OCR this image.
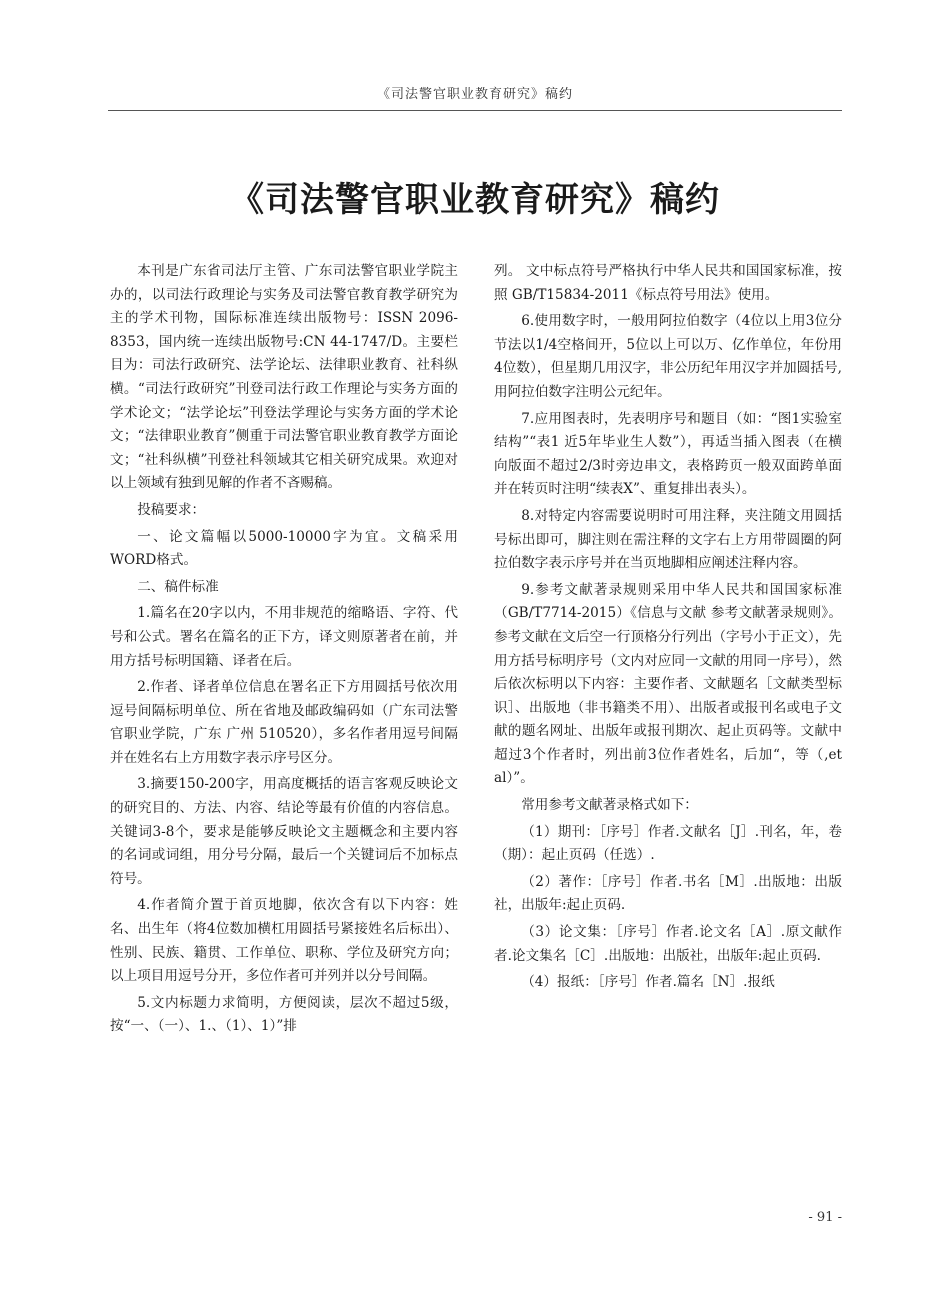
《司法警官职业教育研究》稿约
《司法警官职业教育研究》稿约

本刊是广东省司法厅主管、广东司法警官职业学院主办的，以司法行政理论与实务及司法警官教育教学研究为主的学术刊物，国际标准连续出版物号：ISSN 2096-8353，国内统一连续出版物号:CN 44-1747/D。主要栏目为：司法行政研究、法学论坛、法律职业教育、社科纵横。“司法行政研究”刊登司法行政工作理论与实务方面的学术论文；“法学论坛”刊登法学理论与实务方面的学术论文；“法律职业教育”侧重于司法警官职业教育教学方面论文；“社科纵横”刊登社科领域其它相关研究成果。欢迎对以上领域有独到见解的作者不吝赐稿。

投稿要求：

一、论文篇幅以5000-10000字为宜。文稿采用WORD格式。

二、稿件标准

1.篇名在20字以内，不用非规范的缩略语、字符、代号和公式。署名在篇名的正下方，译文则原著者在前，并用方括号标明国籍、译者在后。

2.作者、译者单位信息在署名正下方用圆括号依次用逗号间隔标明单位、所在省地及邮政编码如（广东司法警官职业学院，广东 广州 510520），多名作者用逗号间隔并在姓名右上方用数字表示序号区分。

3.摘要150-200字，用高度概括的语言客观反映论文的研究目的、方法、内容、结论等最有价值的内容信息。关键词3-8个，要求是能够反映论文主题概念和主要内容的名词或词组，用分号分隔，最后一个关键词后不加标点符号。

4.作者简介置于首页地脚，依次含有以下内容：姓名、出生年（将4位数加横杠用圆括号紧接姓名后标出）、性别、民族、籍贯、工作单位、职称、学位及研究方向；以上项目用逗号分开，多位作者可并列并以分号间隔。

5.文内标题力求简明，方便阅读，层次不超过5级，按“一、（一）、1.、（1）、1）”排

列。 文中标点符号严格执行中华人民共和国国家标准，按照 GB/T15834-2011《标点符号用法》使用。

6.使用数字时，一般用阿拉伯数字（4位以上用3位分节法以1/4空格间开，5位以上可以万、亿作单位，年份用4位数），但星期几用汉字，非公历纪年用汉字并加圆括号,用阿拉伯数字注明公元纪年。

7.应用图表时，先表明序号和题目（如：“图1实验室结构”“表1 近5年毕业生人数”），再适当插入图表（在横向版面不超过2/3时旁边串文，表格跨页一般双面跨单面并在转页时注明“续表X”、重复排出表头）。

8.对特定内容需要说明时可用注释，夹注随文用圆括号标出即可，脚注则在需注释的文字右上方用带圆圈的阿拉伯数字表示序号并在当页地脚相应阐述注释内容。

9.参考文献著录规则采用中华人民共和国国家标准（GB/T7714-2015）《信息与文献 参考文献著录规则》。参考文献在文后空一行顶格分行列出（字号小于正文），先用方括号标明序号（文内对应同一文献的用同一序号），然后依次标明以下内容：主要作者、文献题名［文献类型标识］、出版地（非书籍类不用）、出版者或报刊名或电子文献的题名网址、出版年或报刊期次、起止页码等。文献中超过3个作者时，列出前3位作者姓名，后加“，等（,et al）”。

常用参考文献著录格式如下：

（1）期刊：［序号］作者.文献名［J］.刊名，年，卷（期）：起止页码（任选）.

（2）著作：［序号］作者.书名［M］.出版地：出版社，出版年:起止页码.

（3）论文集：［序号］作者.论文名［A］.原文献作者.论文集名［C］.出版地：出版社，出版年:起止页码.

（4）报纸：［序号］作者.篇名［N］.报纸

- 91 -
